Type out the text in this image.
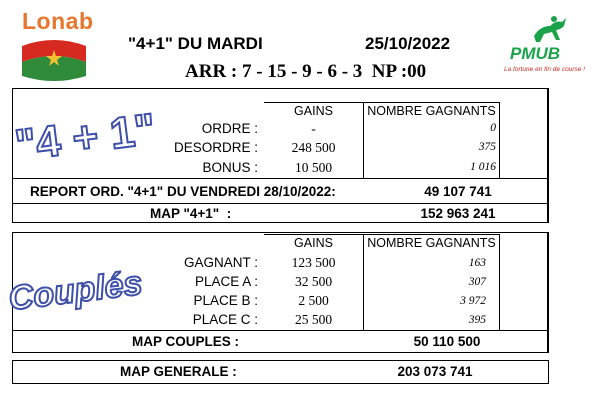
Lonab
"4+1" DU MARDI	25/10/2022
ARR : 7 - 15 - 9 - 6 - 3  NP :00
PMUB
La fortune en fin de course !
"4 + 1"	GAINS	NOMBRE GAGNANTS
ORDRE :	-	0
DESORDRE :	248 500	375
BONUS :	10 500	1 016
REPORT ORD. "4+1" DU VENDREDI 28/10/2022:	49 107 741
MAP "4+1"  :	152 963 241
Couplés
GAINS	NOMBRE GAGNANTS
GAGNANT :	123 500	163
PLACE A :	32 500	307
PLACE B :	2 500	3 972
PLACE C :	25 500	395
MAP COUPLES :	50 110 500
MAP GENERALE :	203 073 741
